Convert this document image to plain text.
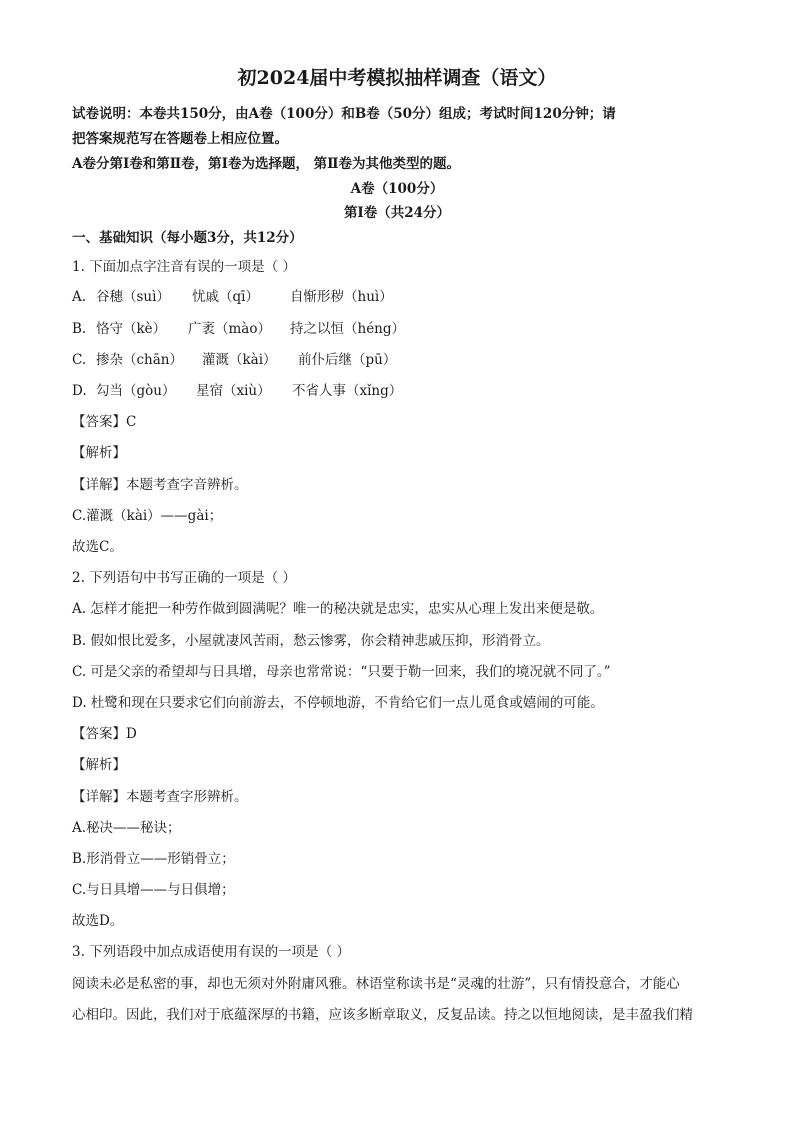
初2024届中考模拟抽样调查（语文）
试卷说明：本卷共150分，由A卷（100分）和B卷（50分）组成；考试时间120分钟；请
把答案规范写在答题卷上相应位置。
A卷分第Ⅰ卷和第Ⅱ卷，第Ⅰ卷为选择题， 第Ⅱ卷为其他类型的题。
A卷（100分）
第Ⅰ卷（共24分）
一、基础知识（每小题3分，共12分）
1. 下面加点字注音有误的一项是（ ）
A. 谷穗（suì） 忧戚（qī） 自惭形秽（huì）
B. 恪守（kè） 广袤（mào） 持之以恒（héng）
C. 掺杂（chān） 灌溉（kài） 前仆后继（pū）
D. 勾当（gòu） 星宿（xiù） 不省人事（xǐng）
【答案】C
【解析】
【详解】本题考查字音辨析。
C.灌溉（kài）——gài；
故选C。
2. 下列语句中书写正确的一项是（ ）
A. 怎样才能把一种劳作做到圆满呢？唯一的秘决就是忠实，忠实从心理上发出来便是敬。
B. 假如恨比爱多，小屋就凄风苦雨，愁云惨雾，你会精神悲戚压抑，形消骨立。
C. 可是父亲的希望却与日具增，母亲也常常说：“只要于勒一回来，我们的境况就不同了。”
D. 杜鹭和现在只要求它们向前游去，不停顿地游，不肯给它们一点儿觅食或嬉闹的可能。
【答案】D
【解析】
【详解】本题考查字形辨析。
A.秘决——秘诀；
B.形消骨立——形销骨立；
C.与日具增——与日俱增；
故选D。
3. 下列语段中加点成语使用有误的一项是（ ）
阅读未必是私密的事，却也无须对外附庸风雅。林语堂称读书是“灵魂的壮游”，只有情投意合，才能心
心相印。因此，我们对于底蕴深厚的书籍，应该多断章取义，反复品读。持之以恒地阅读，是丰盈我们精
